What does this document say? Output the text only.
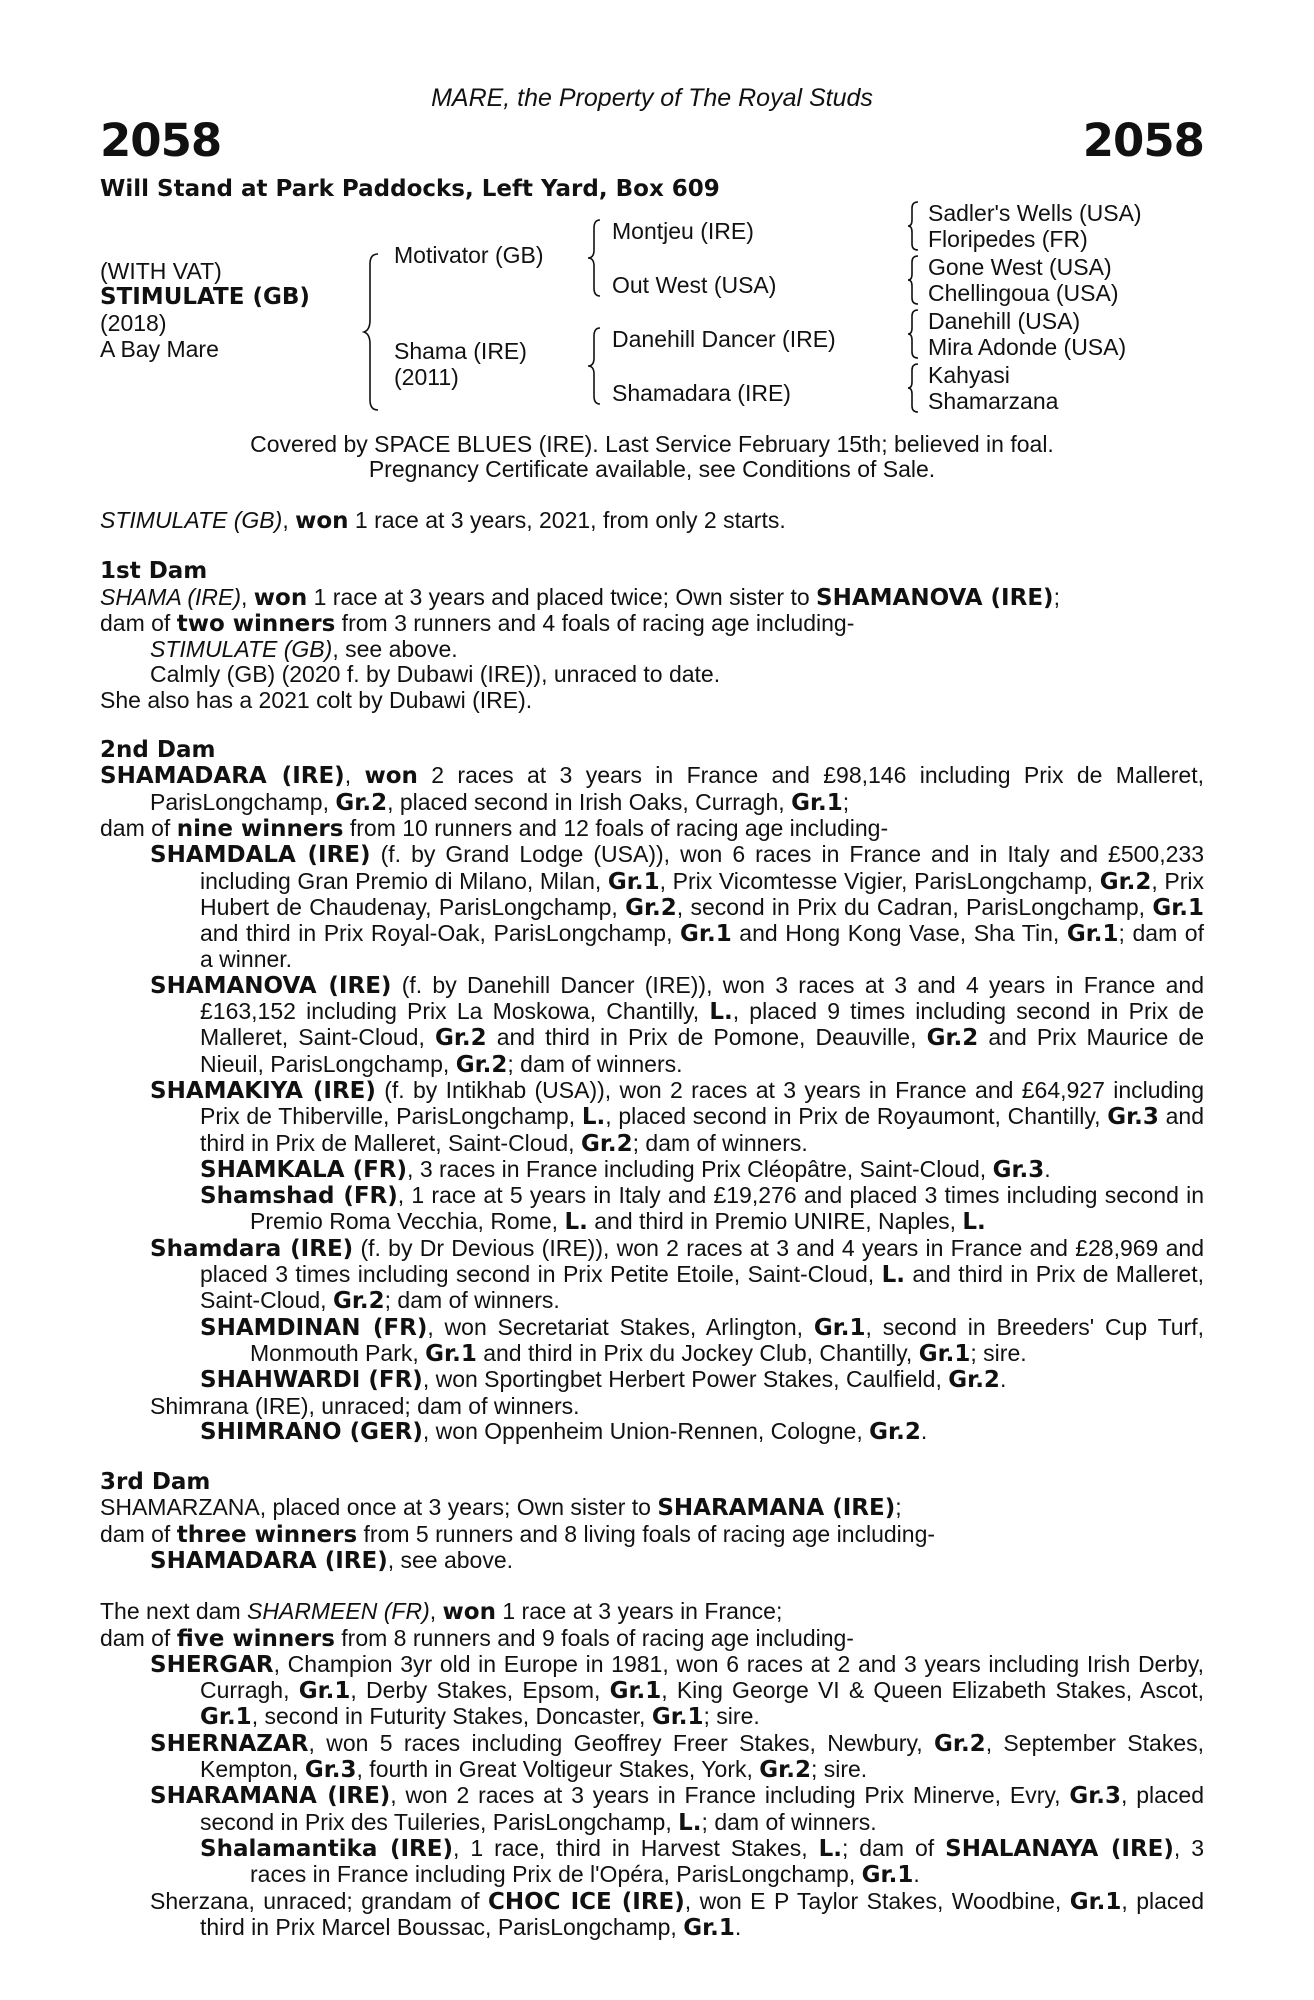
MARE, the Property of The Royal Studs
2058	2058
Will Stand at Park Paddocks, Left Yard, Box 609
(WITH VAT)
STIMULATE (GB)
(2018)
A Bay Mare
Motivator (GB)
Shama (IRE)
(2011)
Montjeu (IRE)
Out West (USA)
Danehill Dancer (IRE)
Shamadara (IRE)
Sadler's Wells (USA)
Floripedes (FR)
Gone West (USA)
Chellingoua (USA)
Danehill (USA)
Mira Adonde (USA)
Kahyasi
Shamarzana
Covered by SPACE BLUES (IRE). Last Service February 15th; believed in foal.
Pregnancy Certificate available, see Conditions of Sale.

STIMULATE (GB), won 1 race at 3 years, 2021, from only 2 starts.

1st Dam

SHAMA (IRE), won 1 race at 3 years and placed twice; Own sister to SHAMANOVA (IRE);

dam of two winners from 3 runners and 4 foals of racing age including-

STIMULATE (GB), see above.

Calmly (GB) (2020 f. by Dubawi (IRE)), unraced to date.

She also has a 2021 colt by Dubawi (IRE).

2nd Dam

SHAMADARA (IRE), won 2 races at 3 years in France and £98,146 including Prix de Malleret, ParisLongchamp, Gr.2, placed second in Irish Oaks, Curragh, Gr.1;

dam of nine winners from 10 runners and 12 foals of racing age including-

SHAMDALA (IRE) (f. by Grand Lodge (USA)), won 6 races in France and in Italy and £500,233 including Gran Premio di Milano, Milan, Gr.1, Prix Vicomtesse Vigier, ParisLongchamp, Gr.2, Prix Hubert de Chaudenay, ParisLongchamp, Gr.2, second in Prix du Cadran, ParisLongchamp, Gr.1 and third in Prix Royal-Oak, ParisLongchamp, Gr.1 and Hong Kong Vase, Sha Tin, Gr.1; dam of a winner.

SHAMANOVA (IRE) (f. by Danehill Dancer (IRE)), won 3 races at 3 and 4 years in France and £163,152 including Prix La Moskowa, Chantilly, L., placed 9 times including second in Prix de Malleret, Saint-Cloud, Gr.2 and third in Prix de Pomone, Deauville, Gr.2 and Prix Maurice de Nieuil, ParisLongchamp, Gr.2; dam of winners.

SHAMAKIYA (IRE) (f. by Intikhab (USA)), won 2 races at 3 years in France and £64,927 including Prix de Thiberville, ParisLongchamp, L., placed second in Prix de Royaumont, Chantilly, Gr.3 and third in Prix de Malleret, Saint-Cloud, Gr.2; dam of winners.

SHAMKALA (FR), 3 races in France including Prix Cléopâtre, Saint-Cloud, Gr.3.

Shamshad (FR), 1 race at 5 years in Italy and £19,276 and placed 3 times including second in Premio Roma Vecchia, Rome, L. and third in Premio UNIRE, Naples, L.

Shamdara (IRE) (f. by Dr Devious (IRE)), won 2 races at 3 and 4 years in France and £28,969 and placed 3 times including second in Prix Petite Etoile, Saint-Cloud, L. and third in Prix de Malleret, Saint-Cloud, Gr.2; dam of winners.

SHAMDINAN (FR), won Secretariat Stakes, Arlington, Gr.1, second in Breeders' Cup Turf, Monmouth Park, Gr.1 and third in Prix du Jockey Club, Chantilly, Gr.1; sire.

SHAHWARDI (FR), won Sportingbet Herbert Power Stakes, Caulfield, Gr.2.

Shimrana (IRE), unraced; dam of winners.

SHIMRANO (GER), won Oppenheim Union-Rennen, Cologne, Gr.2.

3rd Dam

SHAMARZANA, placed once at 3 years; Own sister to SHARAMANA (IRE);

dam of three winners from 5 runners and 8 living foals of racing age including-

SHAMADARA (IRE), see above.

The next dam SHARMEEN (FR), won 1 race at 3 years in France;

dam of five winners from 8 runners and 9 foals of racing age including-

SHERGAR, Champion 3yr old in Europe in 1981, won 6 races at 2 and 3 years including Irish Derby, Curragh, Gr.1, Derby Stakes, Epsom, Gr.1, King George VI & Queen Elizabeth Stakes, Ascot, Gr.1, second in Futurity Stakes, Doncaster, Gr.1; sire.

SHERNAZAR, won 5 races including Geoffrey Freer Stakes, Newbury, Gr.2, September Stakes, Kempton, Gr.3, fourth in Great Voltigeur Stakes, York, Gr.2; sire.

SHARAMANA (IRE), won 2 races at 3 years in France including Prix Minerve, Evry, Gr.3, placed second in Prix des Tuileries, ParisLongchamp, L.; dam of winners.

Shalamantika (IRE), 1 race, third in Harvest Stakes, L.; dam of SHALANAYA (IRE), 3 races in France including Prix de l'Opéra, ParisLongchamp, Gr.1.

Sherzana, unraced; grandam of CHOC ICE (IRE), won E P Taylor Stakes, Woodbine, Gr.1, placed third in Prix Marcel Boussac, ParisLongchamp, Gr.1.
